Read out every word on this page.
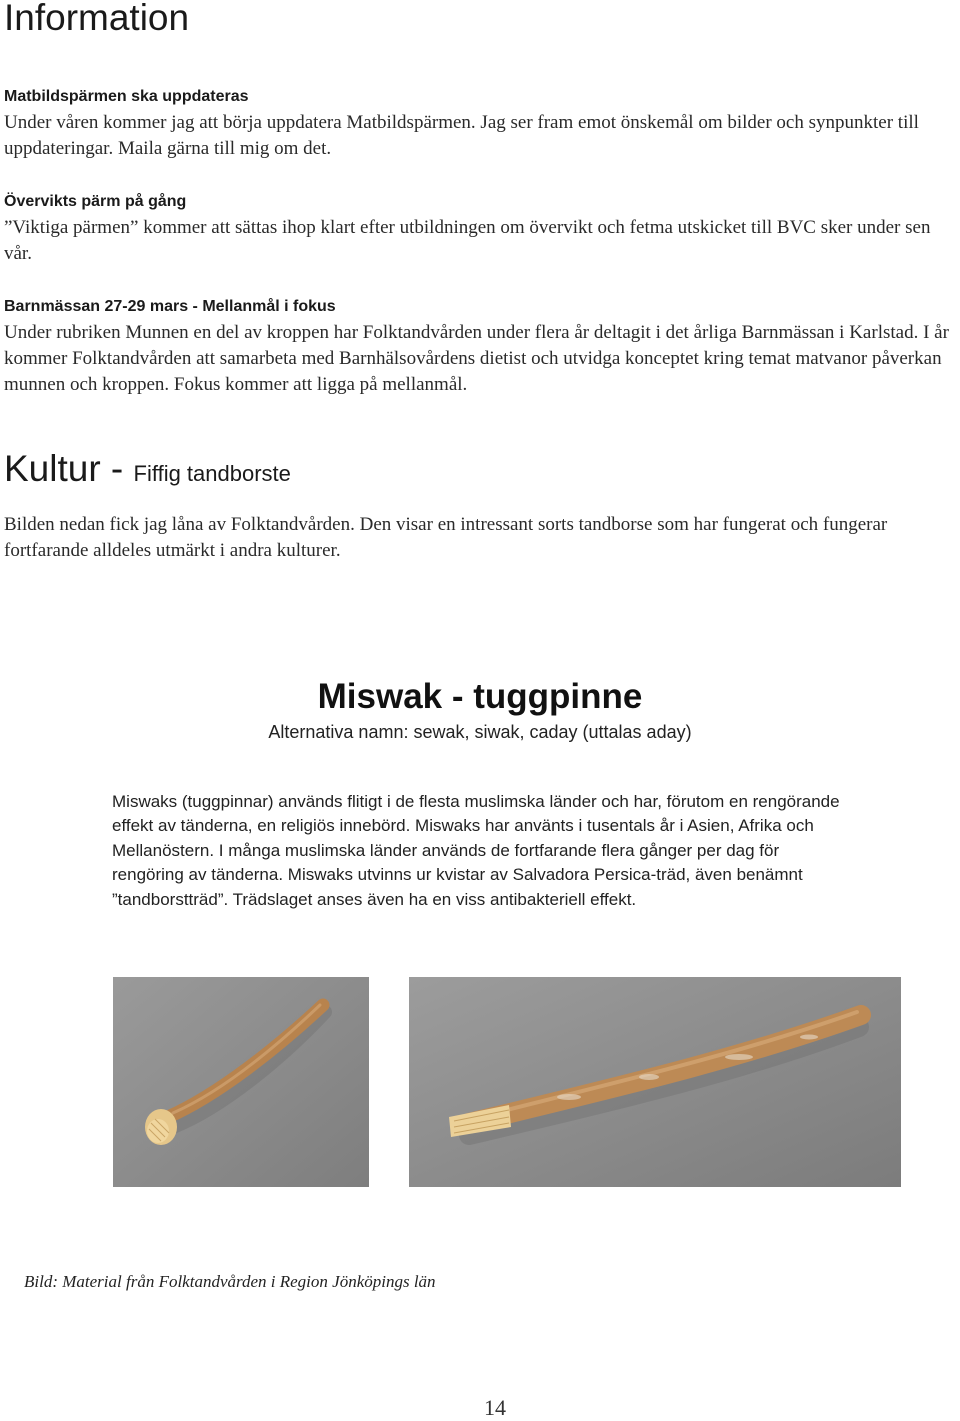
Information
Matbildspärmen ska uppdateras

Under våren kommer jag att börja uppdatera Matbildspärmen. Jag ser fram emot önskemål om bilder och synpunkter till uppdateringar. Maila gärna till mig om det.

Övervikts pärm på gång

”Viktiga pärmen” kommer att sättas ihop klart efter utbildningen om övervikt och fetma utskicket till BVC sker under sen vår.

Barnmässan 27-29 mars - Mellanmål i fokus

Under rubriken Munnen en del av kroppen har Folktandvården under flera år deltagit i det årliga Barnmässan i Karlstad. I år kommer Folktandvården att samarbeta med Barnhälsovårdens dietist och utvidga konceptet kring temat matvanor påverkan munnen och kroppen. Fokus kommer att ligga på mellanmål.

Kultur - Fiffig tandborste

Bilden nedan fick jag låna av Folktandvården. Den visar en intressant sorts tandborse som har fungerat och fungerar fortfarande alldeles utmärkt i andra kulturer.

Miswak - tuggpinne

Alternativa namn: sewak, siwak, caday (uttalas aday)

Miswaks (tuggpinnar) används flitigt i de flesta muslimska länder och har, förutom en rengörande effekt av tänderna, en religiös innebörd. Miswaks har använts i tusentals år i Asien, Afrika och Mellanöstern. I många muslimska länder används de fortfarande flera gånger per dag för rengöring av tänderna. Miswaks utvinns ur kvistar av Salvadora Persica-träd, även benämnt ”tandborstträd”. Trädslaget anses även ha en viss antibakteriell effekt.

Bild: Material från Folktandvården i Region Jönköpings län

14
